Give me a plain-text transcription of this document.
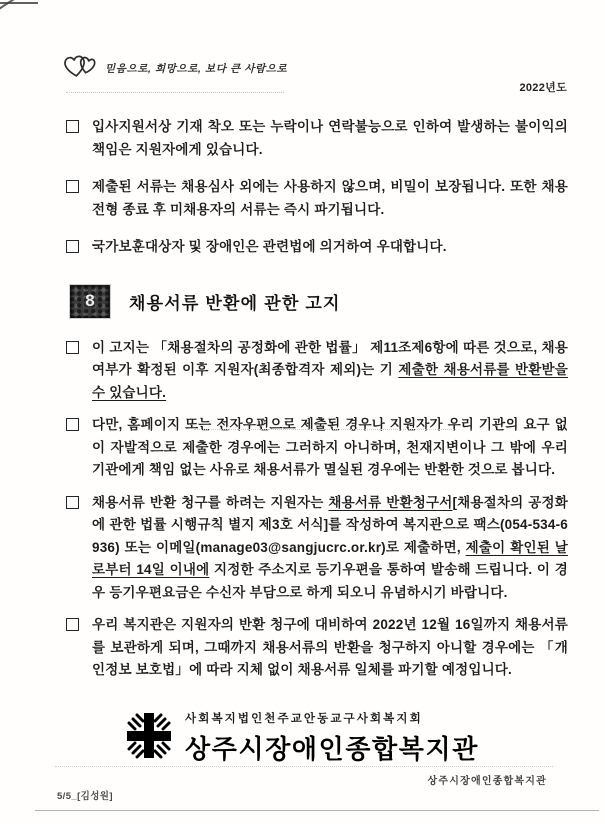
믿음으로, 희망으로, 보다 큰 사람으로
2022년도

입사지원서상 기재 착오 또는 누락이나 연락불능으로 인하여 발생하는 불이익의 책임은 지원자에게 있습니다.

제출된 서류는 채용심사 외에는 사용하지 않으며, 비밀이 보장됩니다. 또한 채용전형 종료 후 미채용자의 서류는 즉시 파기됩니다.

국가보훈대상자 및 장애인은 관련법에 의거하여 우대합니다.

8	채용서류 반환에 관한 고지

이 고지는 「채용절차의 공정화에 관한 법률」 제11조제6항에 따른 것으로, 채용 여부가 확정된 이후 지원자(최종합격자 제외)는 기 제출한 채용서류를 반환받을 수 있습니다.

다만, 홈페이지 또는 전자우편으로 제출된 경우나 지원자가 우리 기관의 요구 없이 자발적으로 제출한 경우에는 그러하지 아니하며, 천재지변이나 그 밖에 우리 기관에게 책임 없는 사유로 채용서류가 멸실된 경우에는 반환한 것으로 봅니다.

채용서류 반환 청구를 하려는 지원자는 채용서류 반환청구서[채용절차의 공정화에 관한 법률 시행규칙 별지 제3호 서식]를 작성하여 복지관으로 팩스(054-534-6936) 또는 이메일(manage03@sangjucrc.or.kr)로 제출하면, 제출이 확인된 날로부터 14일 이내에 지정한 주소지로 등기우편을 통하여 발송해 드립니다. 이 경우 등기우편요금은 수신자 부담으로 하게 되오니 유념하시기 바랍니다.

우리 복지관은 지원자의 반환 청구에 대비하여 2022년 12월 16일까지 채용서류를 보관하게 되며, 그때까지 채용서류의 반환을 청구하지 아니할 경우에는 「개인정보 보호법」에 따라 지체 없이 채용서류 일체를 파기할 예정입니다.

사회복지법인천주교안동교구사회복지회
상주시장애인종합복지관
상주시장애인종합복지관
5/5_[김성원]
